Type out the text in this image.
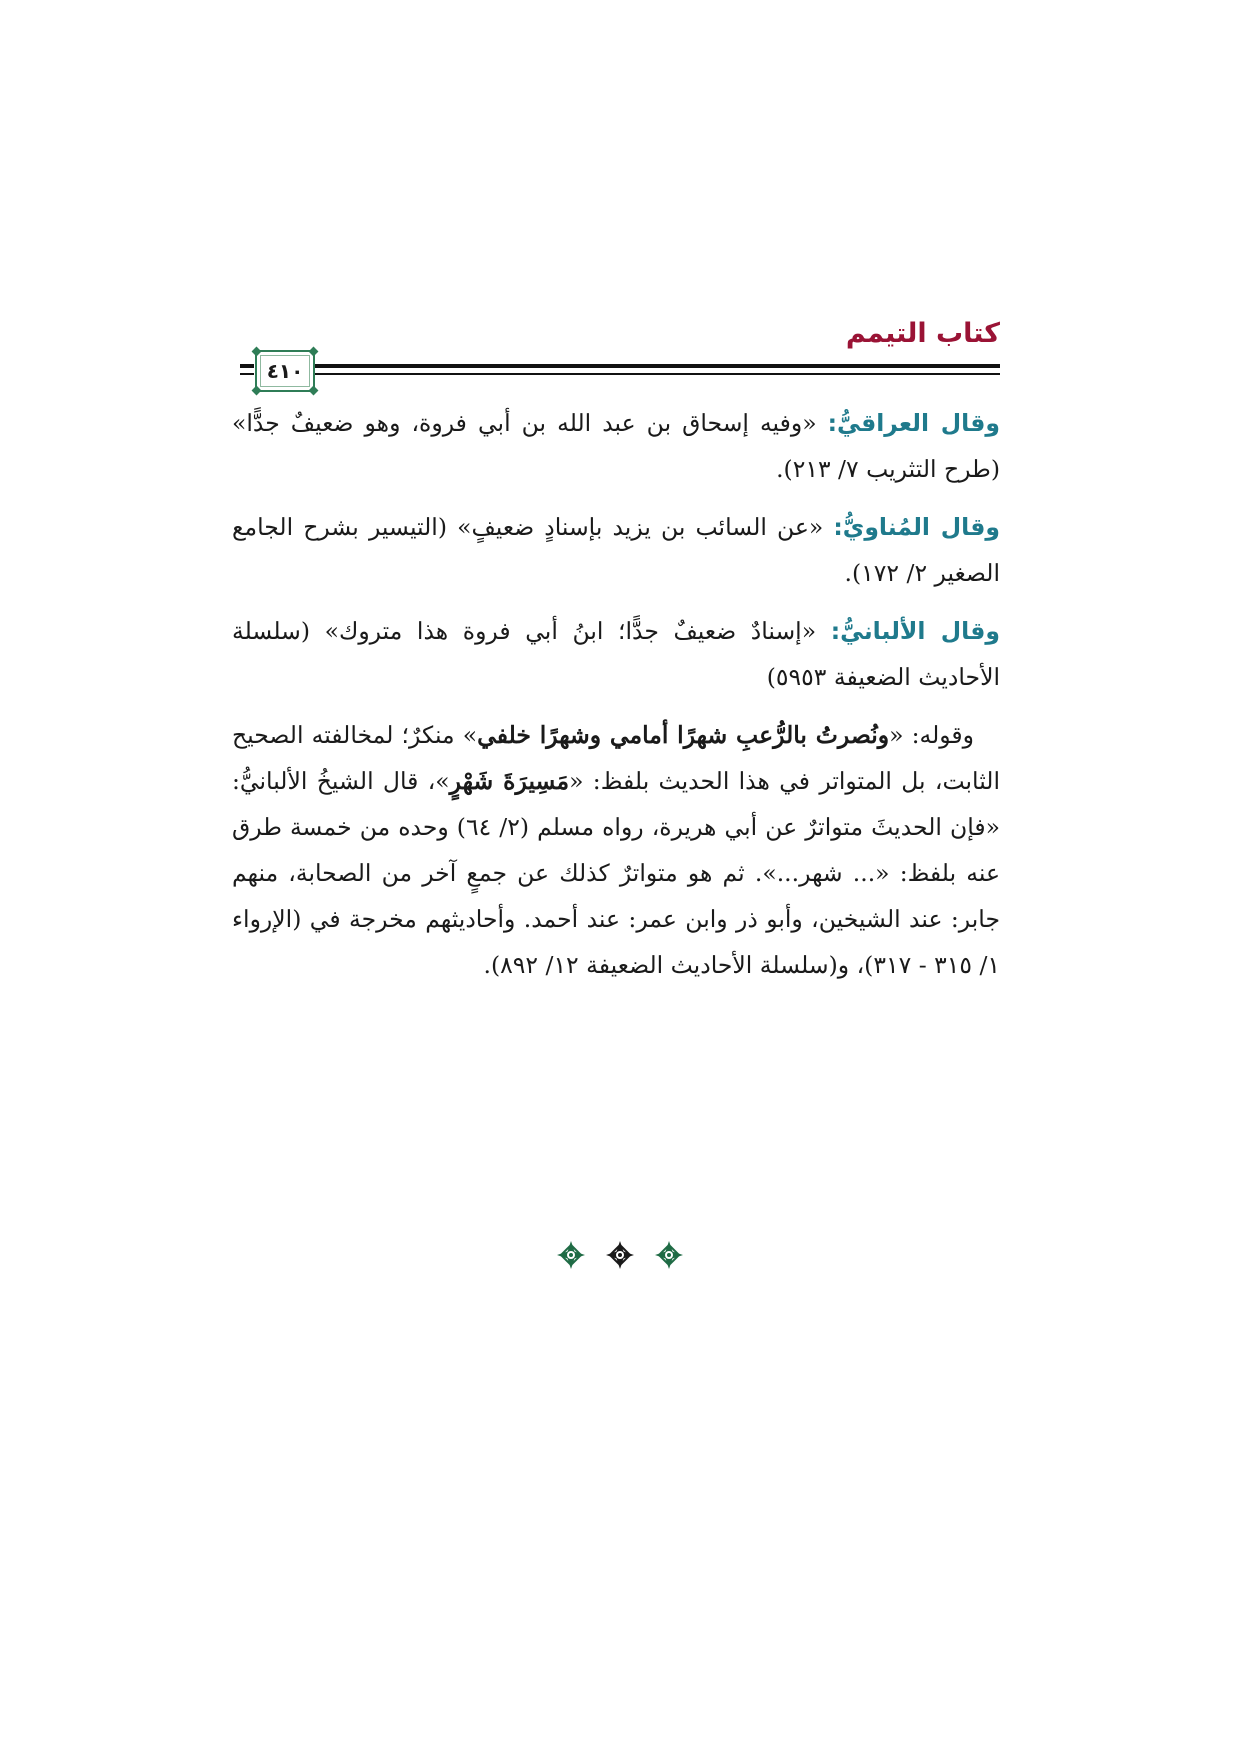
كتاب التيمم
٤١٠

وقال العراقيُّ: «وفيه إسحاق بن عبد الله بن أبي فروة، وهو ضعيفٌ جدًّا» (طرح التثريب ٧/ ٢١٣).

وقال المُناويُّ: «عن السائب بن يزيد بإسنادٍ ضعيفٍ» (التيسير بشرح الجامع الصغير ٢/ ١٧٢).

وقال الألبانيُّ: «إسنادٌ ضعيفٌ جدًّا؛ ابنُ أبي فروة هذا متروك» (سلسلة الأحاديث الضعيفة ٥٩٥٣)

وقوله: «ونُصرتُ بالرُّعبِ شهرًا أمامي وشهرًا خلفي» منكرٌ؛ لمخالفته الصحيح الثابت، بل المتواتر في هذا الحديث بلفظ: «مَسِيرَةَ شَهْرٍ»، قال الشيخُ الألبانيُّ: «فإن الحديثَ متواترٌ عن أبي هريرة، رواه مسلم (٢/ ٦٤) وحده من خمسة طرق عنه بلفظ: «... شهر...». ثم هو متواترٌ كذلك عن جمعٍ آخر من الصحابة، منهم جابر: عند الشيخين، وأبو ذر وابن عمر: عند أحمد. وأحاديثهم مخرجة في (الإرواء ١/ ٣١٥ - ٣١٧)، و(سلسلة الأحاديث الضعيفة ١٢/ ٨٩٢).
